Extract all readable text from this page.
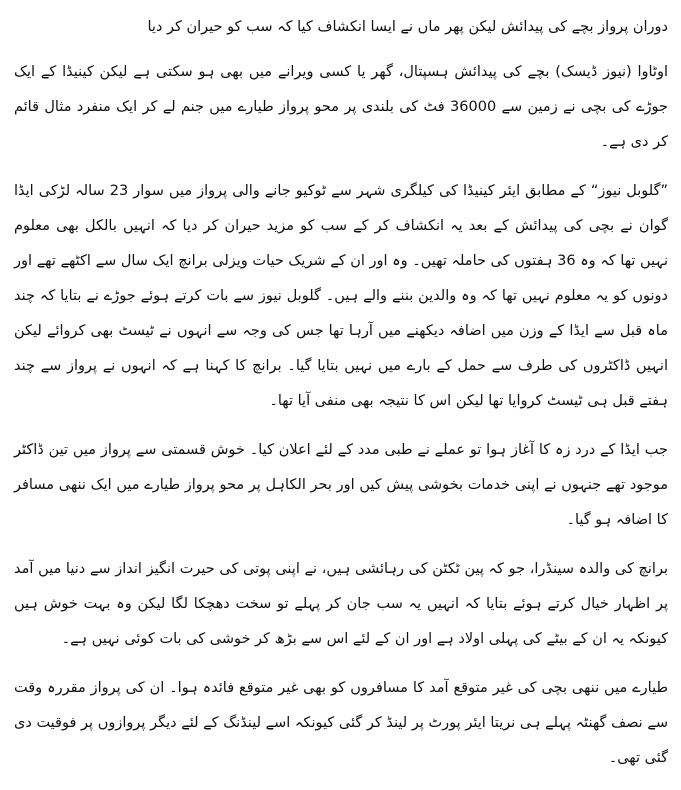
دوران پرواز بچے کی پیدائش لیکن پھر ماں نے ایسا انکشاف کیا کہ سب کو حیران کر دیا

اوٹاوا (نیوز ڈیسک) بچے کی پیدائش ہسپتال، گھر یا کسی ویرانے میں بھی ہو سکتی ہے لیکن کینیڈا کے ایک جوڑے کی بچی نے زمین سے 36000 فٹ کی بلندی پر محو پرواز طیارے میں جنم لے کر ایک منفرد مثال قائم کر دی ہے۔

”گلوبل نیوز“ کے مطابق ایئر کینیڈا کی کیلگری شہر سے ٹوکیو جانے والی پرواز میں سوار 23 سالہ لڑکی ایڈا گوان نے بچی کی پیدائش کے بعد یہ انکشاف کر کے سب کو مزید حیران کر دیا کہ انہیں بالکل بھی معلوم نہیں تھا کہ وہ 36 ہفتوں کی حاملہ تھیں۔ وہ اور ان کے شریک حیات ویزلی برانچ ایک سال سے اکٹھے تھے اور دونوں کو یہ معلوم نہیں تھا کہ وہ والدین بننے والے ہیں۔ گلوبل نیوز سے بات کرتے ہوئے جوڑے نے بتایا کہ چند ماہ قبل سے ایڈا کے وزن میں اضافہ دیکھنے میں آرہا تھا جس کی وجہ سے انہوں نے ٹیسٹ بھی کروائے لیکن انہیں ڈاکٹروں کی طرف سے حمل کے بارے میں نہیں بتایا گیا۔ برانچ کا کہنا ہے کہ انہوں نے پرواز سے چند ہفتے قبل ہی ٹیسٹ کروایا تھا لیکن اس کا نتیجہ بھی منفی آیا تھا۔

جب ایڈا کے درد زہ کا آغاز ہوا تو عملے نے طبی مدد کے لئے اعلان کیا۔ خوش قسمتی سے پرواز میں تین ڈاکٹر موجود تھے جنہوں نے اپنی خدمات بخوشی پیش کیں اور بحر الکاہل پر محو پرواز طیارے میں ایک ننھی مسافر کا اضافہ ہو گیا۔

برانچ کی والدہ سینڈرا، جو کہ پین ٹکٹن کی رہائشی ہیں، نے اپنی پوتی کی حیرت انگیز انداز سے دنیا میں آمد پر اظہار خیال کرتے ہوئے بتایا کہ انہیں یہ سب جان کر پہلے تو سخت دھچکا لگا لیکن وہ بہت خوش ہیں کیونکہ یہ ان کے بیٹے کی پہلی اولاد ہے اور ان کے لئے اس سے بڑھ کر خوشی کی بات کوئی نہیں ہے۔

طیارے میں ننھی بچی کی غیر متوقع آمد کا مسافروں کو بھی غیر متوقع فائدہ ہوا۔ ان کی پرواز مقررہ وقت سے نصف گھنٹہ پہلے ہی نریتا ایئر پورٹ پر لینڈ کر گئی کیونکہ اسے لینڈنگ کے لئے دیگر پروازوں پر فوقیت دی گئی تھی۔
